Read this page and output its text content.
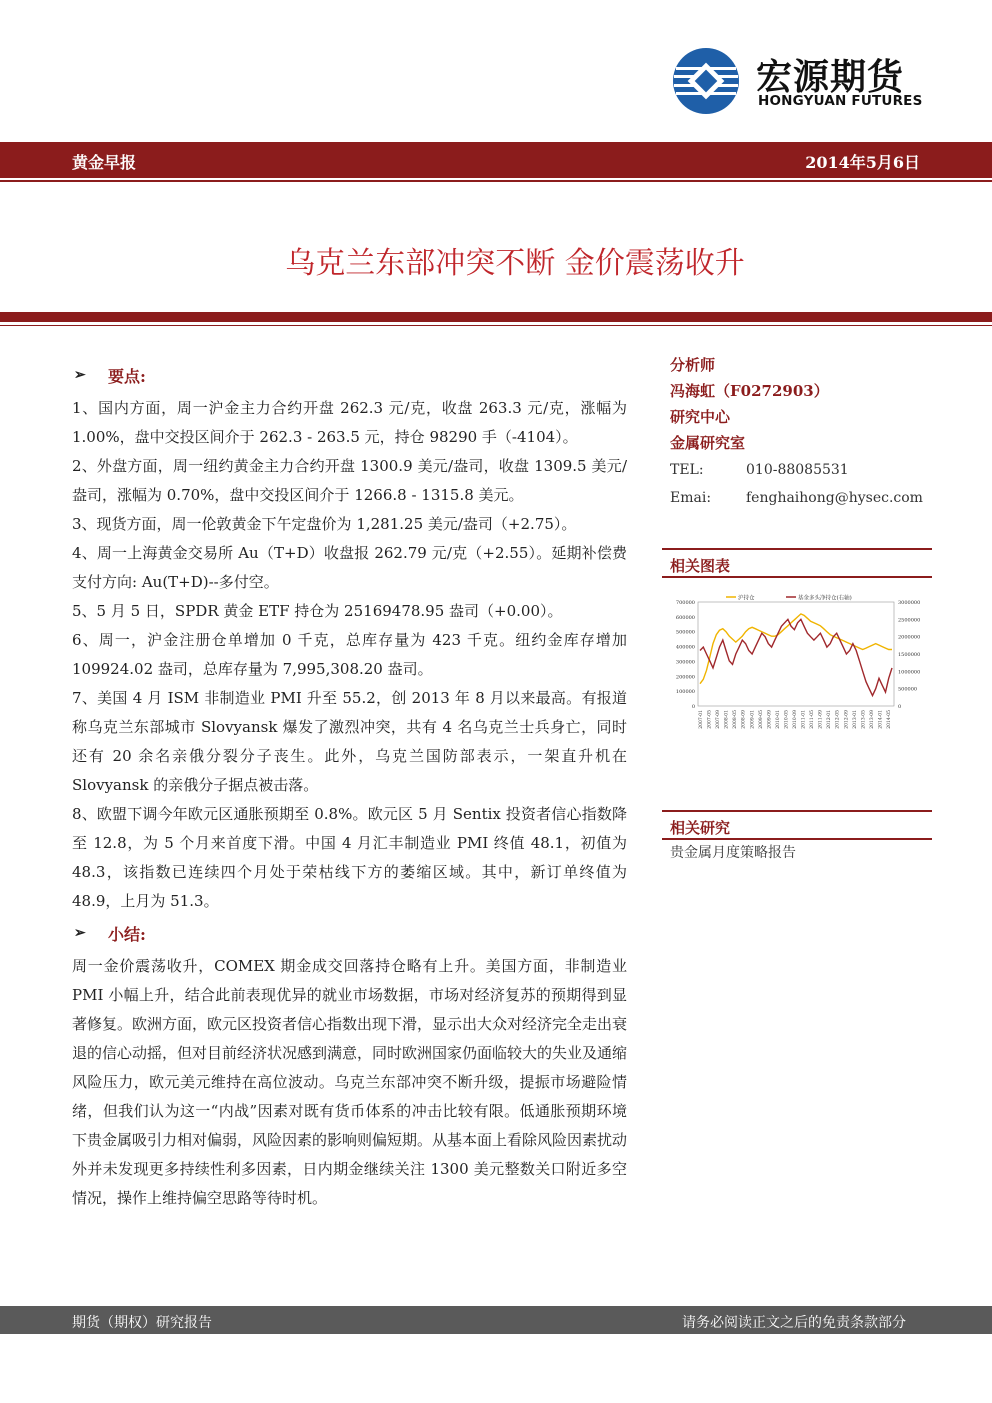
宏源期货
HONGYUAN FUTURES
黄金早报	2014年5月6日
乌克兰东部冲突不断 金价震荡收升
➢	要点:

1、国内方面，周一沪金主力合约开盘 262.3 元/克，收盘 263.3 元/克，涨幅为 1.00%，盘中交投区间介于 262.3 - 263.5 元，持仓 98290 手（-4104）。

2、外盘方面，周一纽约黄金主力合约开盘 1300.9 美元/盎司，收盘 1309.5 美元/盎司，涨幅为 0.70%，盘中交投区间介于 1266.8 - 1315.8 美元。

3、现货方面，周一伦敦黄金下午定盘价为 1,281.25 美元/盎司（+2.75）。

4、周一上海黄金交易所 Au（T+D）收盘报 262.79 元/克（+2.55）。延期补偿费支付方向: Au(T+D)--多付空。

5、5 月 5 日，SPDR 黄金 ETF 持仓为 25169478.95 盎司（+0.00）。

6、周一，沪金注册仓单增加 0 千克，总库存量为 423 千克。纽约金库存增加 109924.02 盎司，总库存量为 7,995,308.20 盎司。

7、美国 4 月 ISM 非制造业 PMI 升至 55.2，创 2013 年 8 月以来最高。有报道称乌克兰东部城市 Slovyansk 爆发了激烈冲突，共有 4 名乌克兰士兵身亡，同时还有 20 余名亲俄分裂分子丧生。此外，乌克兰国防部表示，一架直升机在 Slovyansk 的亲俄分子据点被击落。

8、欧盟下调今年欧元区通胀预期至 0.8%。欧元区 5 月 Sentix 投资者信心指数降至 12.8，为 5 个月来首度下滑。中国 4 月汇丰制造业 PMI 终值 48.1，初值为 48.3，该指数已连续四个月处于荣枯线下方的萎缩区域。其中，新订单终值为 48.9，上月为 51.3。

➢	小结:

周一金价震荡收升，COMEX 期金成交回落持仓略有上升。美国方面，非制造业 PMI 小幅上升，结合此前表现优异的就业市场数据，市场对经济复苏的预期得到显著修复。欧洲方面，欧元区投资者信心指数出现下滑，显示出大众对经济完全走出衰退的信心动摇，但对目前经济状况感到满意，同时欧洲国家仍面临较大的失业及通缩风险压力，欧元美元维持在高位波动。乌克兰东部冲突不断升级，提振市场避险情绪，但我们认为这一“内战”因素对既有货币体系的冲击比较有限。低通胀预期环境下贵金属吸引力相对偏弱，风险因素的影响则偏短期。从基本面上看除风险因素扰动外并未发现更多持续性利多因素，日内期金继续关注 1300 美元整数关口附近多空情况，操作上维持偏空思路等待时机。

分析师
冯海虹（F0272903）
研究中心
金属研究室
TEL:	010-88085531
Emai:	fenghaihong@hysec.com
相关图表
沪持仓	基金多头净持仓(右轴)
700000
600000
500000
400000
300000
200000
100000
0
3000000
2500000
2000000
1500000
1000000
500000
0
2007-01 2007-05 2007-09 2008-01 2008-05 2008-09 2009-01 2009-05 2009-09 2010-01 2010-05 2010-09 2011-01 2011-05 2011-09 2012-01 2012-05 2012-09 2013-01 2013-05 2013-09 2014-01 2014-05
相关研究
贵金属月度策略报告
期货（期权）研究报告	请务必阅读正文之后的免责条款部分
